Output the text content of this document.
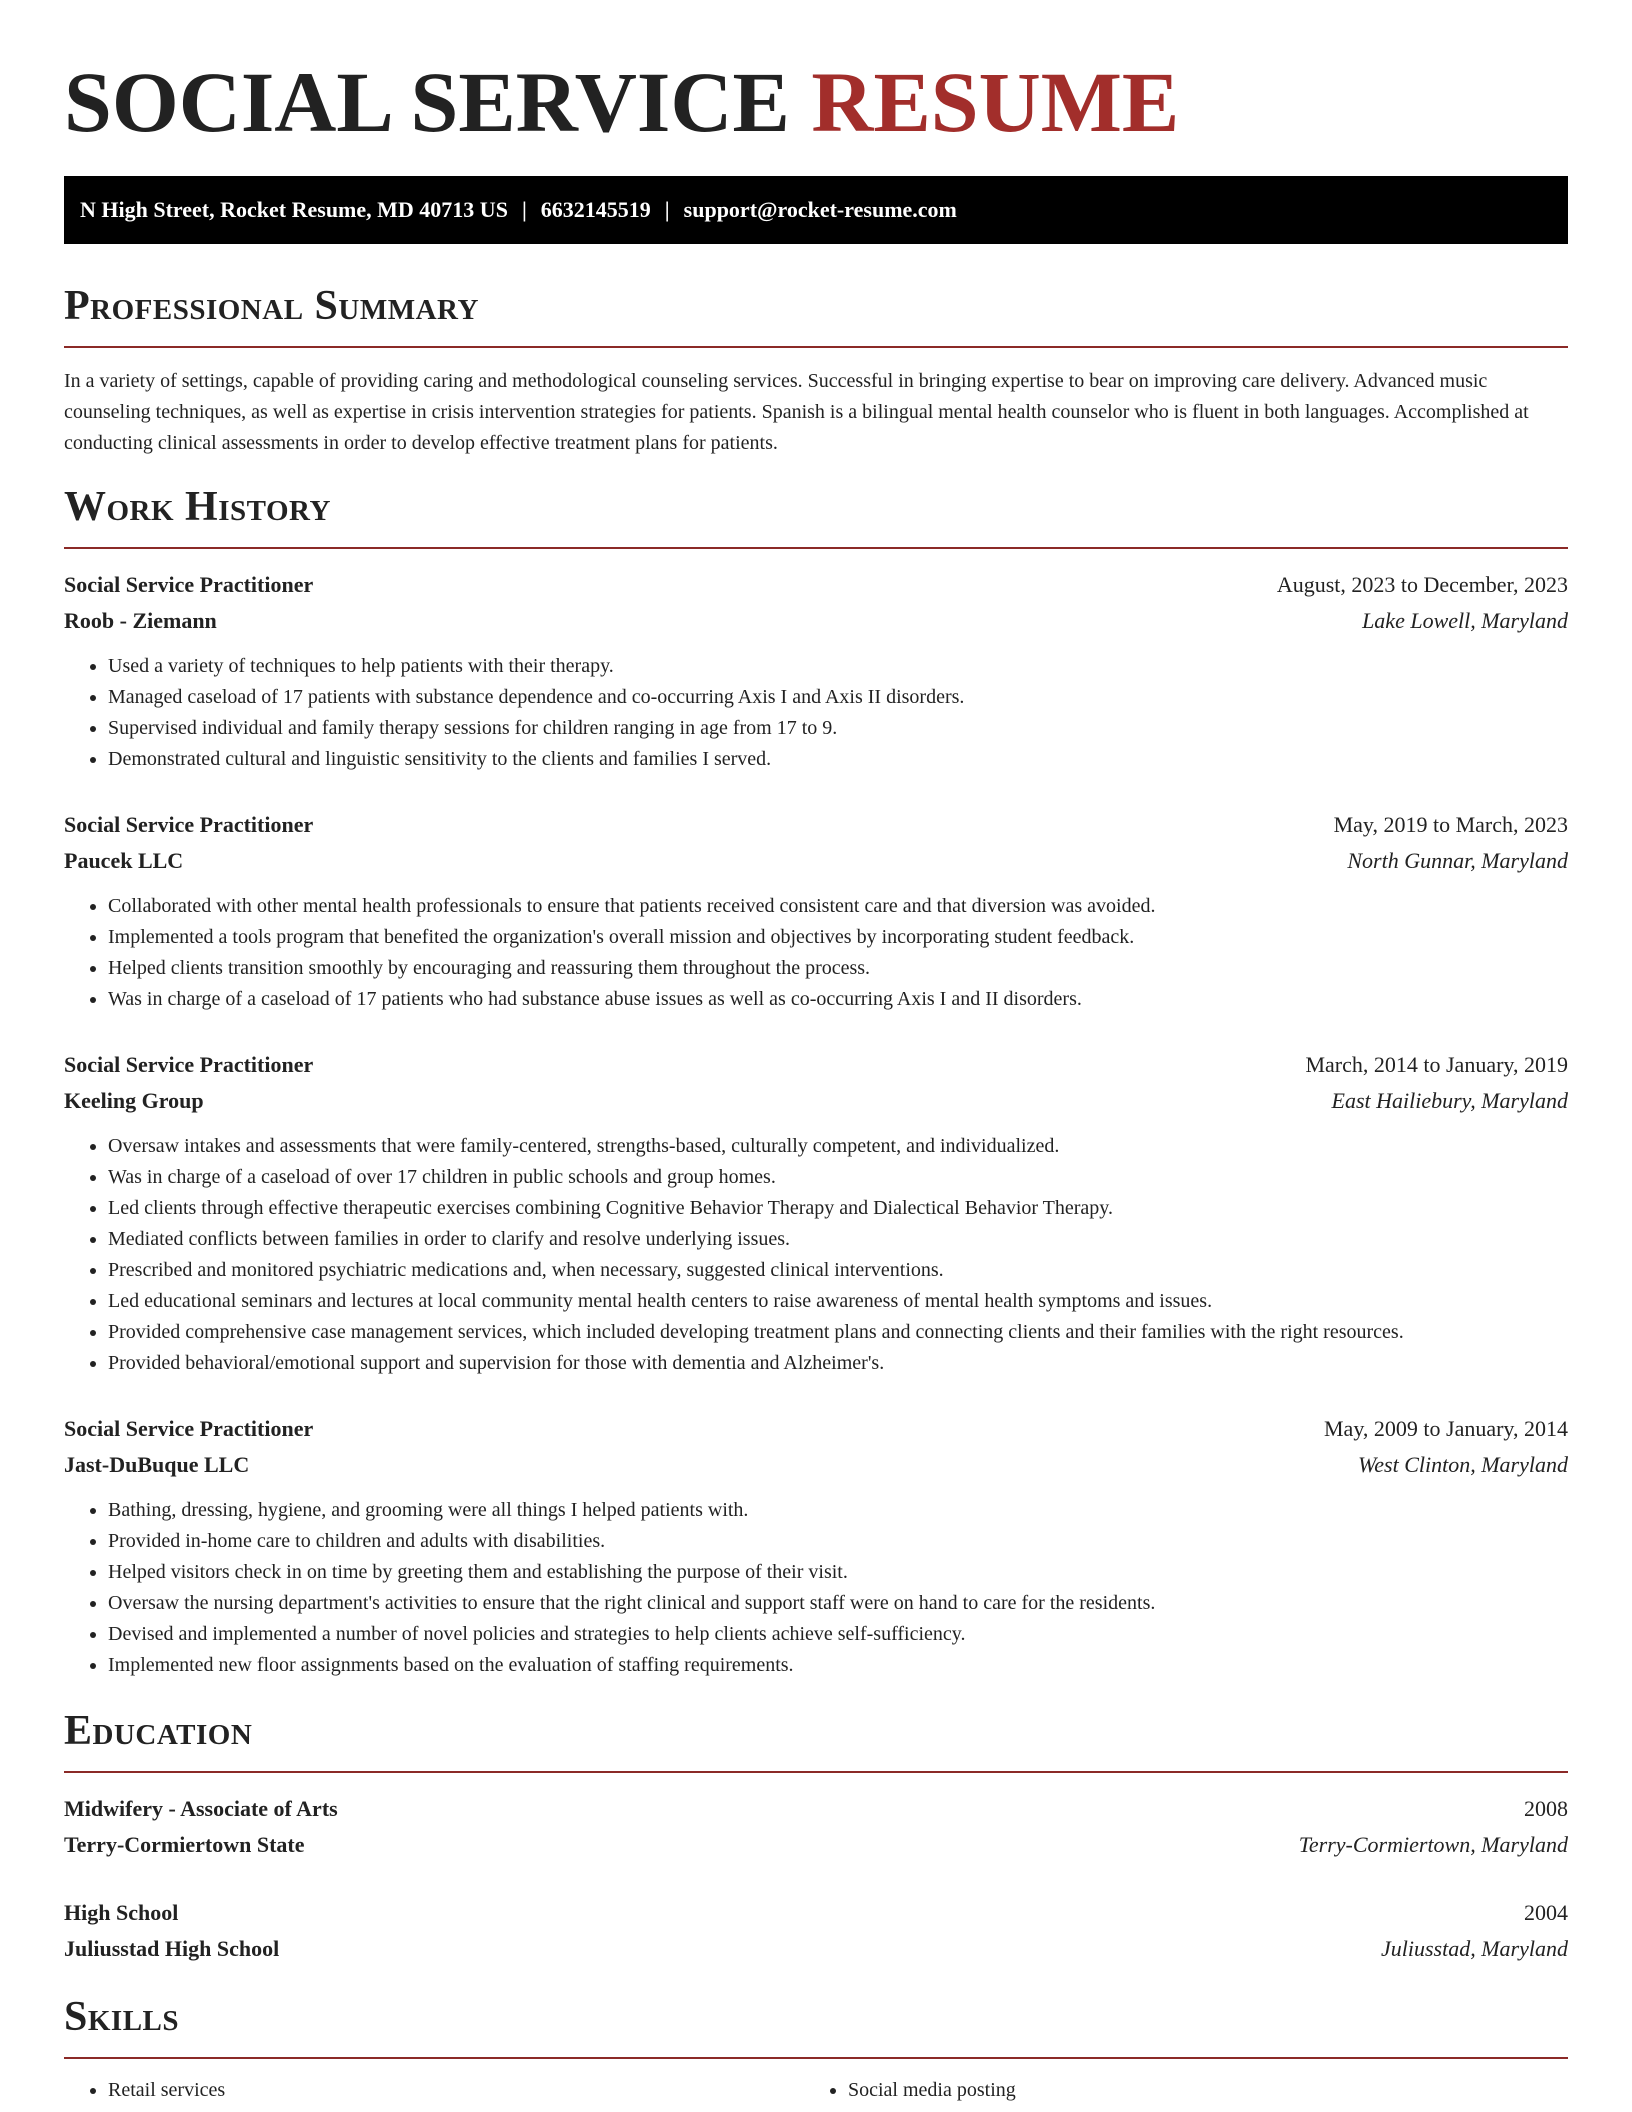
SOCIAL SERVICE RESUME
N High Street, Rocket Resume, MD 40713 US | 6632145519 | support@rocket-resume.com
Professional Summary

In a variety of settings, capable of providing caring and methodological counseling services. Successful in bringing expertise to bear on improving care delivery. Advanced music counseling techniques, as well as expertise in crisis intervention strategies for patients. Spanish is a bilingual mental health counselor who is fluent in both languages. Accomplished at conducting clinical assessments in order to develop effective treatment plans for patients.

Work History
Social Service Practitioner	August, 2023 to December, 2023
Roob - Ziemann	Lake Lowell, Maryland
• Used a variety of techniques to help patients with their therapy.
• Managed caseload of 17 patients with substance dependence and co-occurring Axis I and Axis II disorders.
• Supervised individual and family therapy sessions for children ranging in age from 17 to 9.
• Demonstrated cultural and linguistic sensitivity to the clients and families I served.
Social Service Practitioner	May, 2019 to March, 2023
Paucek LLC	North Gunnar, Maryland
• Collaborated with other mental health professionals to ensure that patients received consistent care and that diversion was avoided.
• Implemented a tools program that benefited the organization's overall mission and objectives by incorporating student feedback.
• Helped clients transition smoothly by encouraging and reassuring them throughout the process.
• Was in charge of a caseload of 17 patients who had substance abuse issues as well as co-occurring Axis I and II disorders.
Social Service Practitioner	March, 2014 to January, 2019
Keeling Group	East Hailiebury, Maryland
• Oversaw intakes and assessments that were family-centered, strengths-based, culturally competent, and individualized.
• Was in charge of a caseload of over 17 children in public schools and group homes.
• Led clients through effective therapeutic exercises combining Cognitive Behavior Therapy and Dialectical Behavior Therapy.
• Mediated conflicts between families in order to clarify and resolve underlying issues.
• Prescribed and monitored psychiatric medications and, when necessary, suggested clinical interventions.
• Led educational seminars and lectures at local community mental health centers to raise awareness of mental health symptoms and issues.
• Provided comprehensive case management services, which included developing treatment plans and connecting clients and their families with the right resources.
• Provided behavioral/emotional support and supervision for those with dementia and Alzheimer's.
Social Service Practitioner	May, 2009 to January, 2014
Jast-DuBuque LLC	West Clinton, Maryland
• Bathing, dressing, hygiene, and grooming were all things I helped patients with.
• Provided in-home care to children and adults with disabilities.
• Helped visitors check in on time by greeting them and establishing the purpose of their visit.
• Oversaw the nursing department's activities to ensure that the right clinical and support staff were on hand to care for the residents.
• Devised and implemented a number of novel policies and strategies to help clients achieve self-sufficiency.
• Implemented new floor assignments based on the evaluation of staffing requirements.
Education
Midwifery - Associate of Arts	2008
Terry-Cormiertown State	Terry-Cormiertown, Maryland
High School	2004
Juliusstad High School	Juliusstad, Maryland
Skills
• Retail services
•	Social media posting
